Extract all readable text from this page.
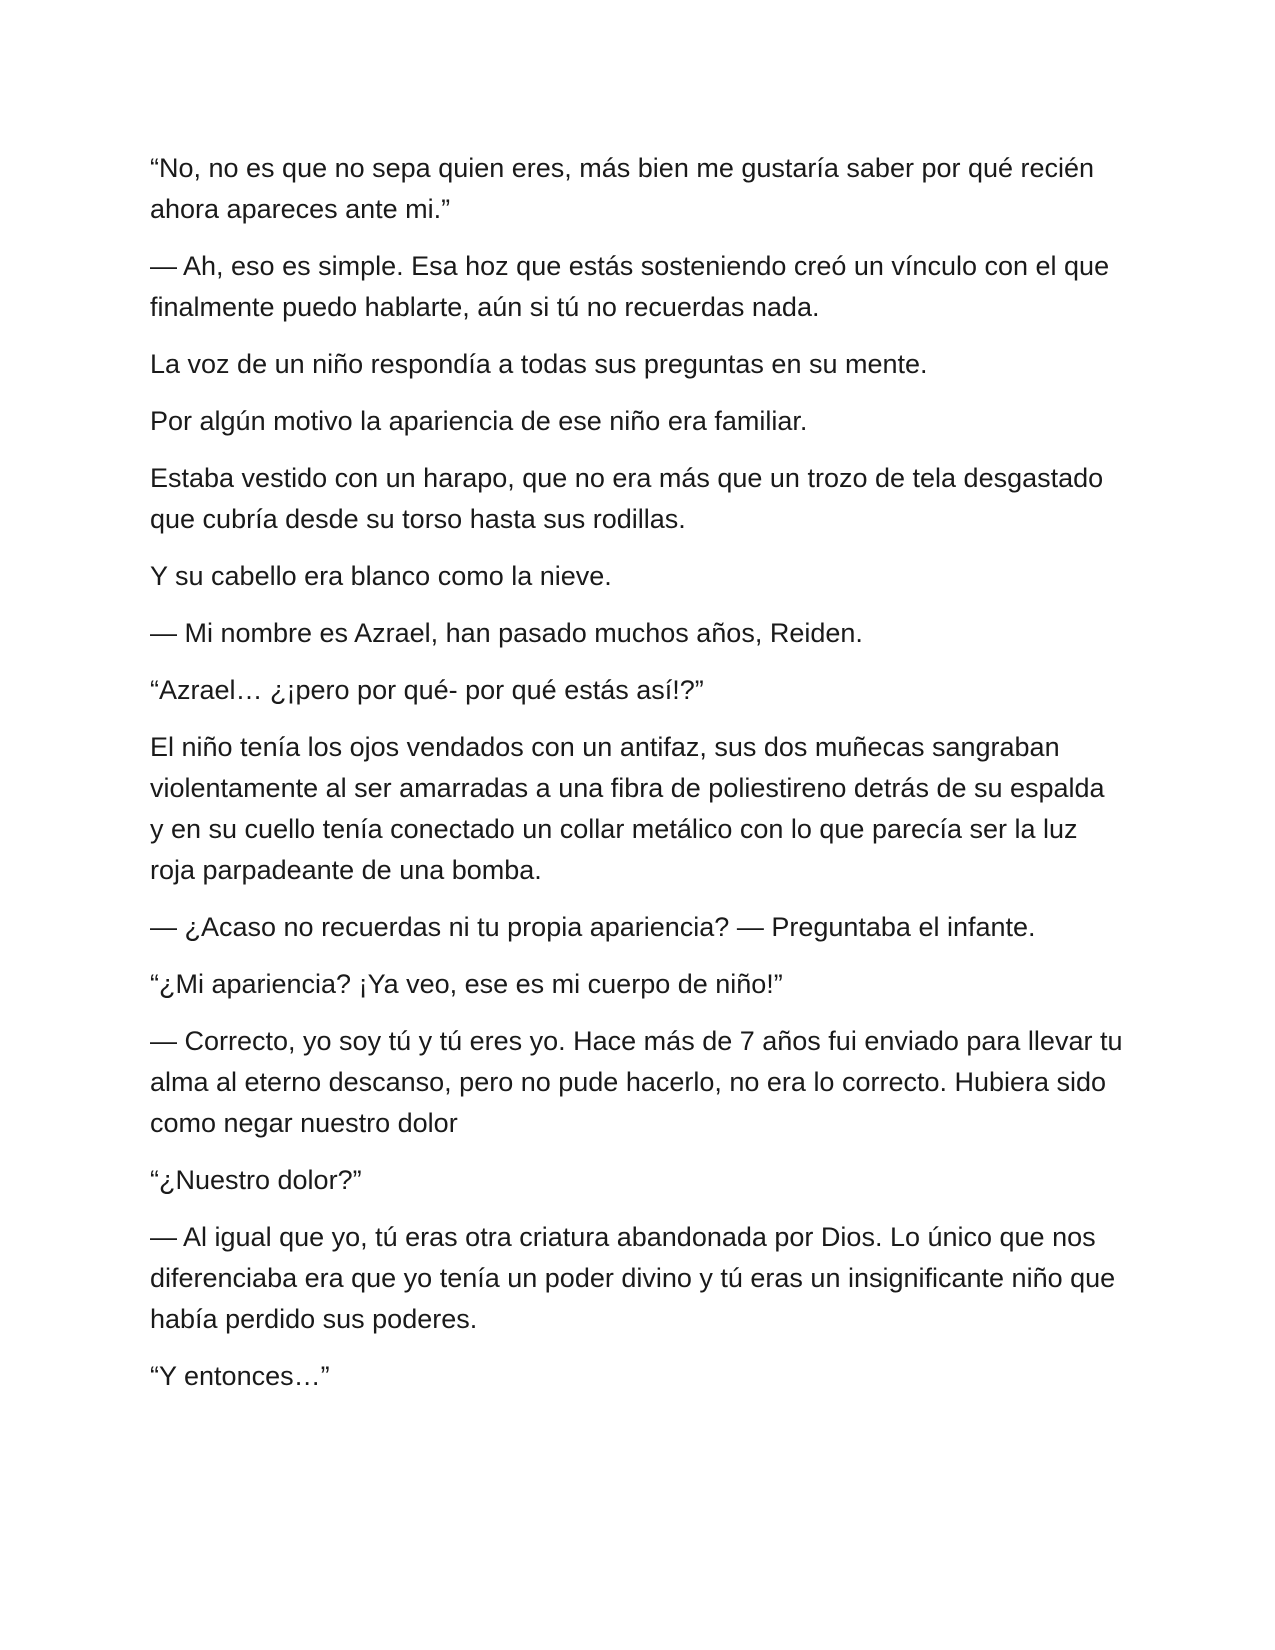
“No, no es que no sepa quien eres, más bien me gustaría saber por qué recién ahora apareces ante mi.”

— Ah, eso es simple. Esa hoz que estás sosteniendo creó un vínculo con el que finalmente puedo hablarte, aún si tú no recuerdas nada.

La voz de un niño respondía a todas sus preguntas en su mente.

Por algún motivo la apariencia de ese niño era familiar.

Estaba vestido con un harapo, que no era más que un trozo de tela desgastado que cubría desde su torso hasta sus rodillas.

Y su cabello era blanco como la nieve.

— Mi nombre es Azrael, han pasado muchos años, Reiden.

“Azrael… ¿¡pero por qué- por qué estás así!?”

El niño tenía los ojos vendados con un antifaz, sus dos muñecas sangraban violentamente al ser amarradas a una fibra de poliestireno detrás de su espalda y en su cuello tenía conectado un collar metálico con lo que parecía ser la luz roja parpadeante de una bomba.

— ¿Acaso no recuerdas ni tu propia apariencia? — Preguntaba el infante.

“¿Mi apariencia? ¡Ya veo, ese es mi cuerpo de niño!”

— Correcto, yo soy tú y tú eres yo. Hace más de 7 años fui enviado para llevar tu alma al eterno descanso, pero no pude hacerlo, no era lo correcto. Hubiera sido como negar nuestro dolor

“¿Nuestro dolor?”

— Al igual que yo, tú eras otra criatura abandonada por Dios. Lo único que nos diferenciaba era que yo tenía un poder divino y tú eras un insignificante niño que había perdido sus poderes.

“Y entonces…”
